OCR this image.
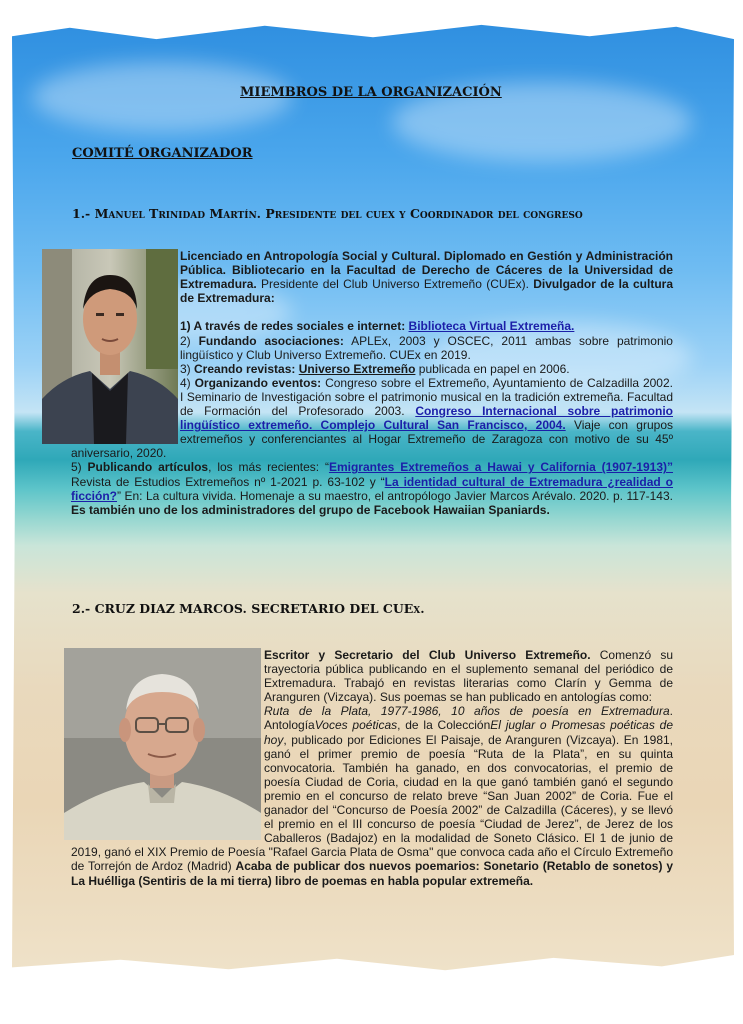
MIEMBROS DE LA ORGANIZACIÓN
COMITÉ ORGANIZADOR
1.- Manuel Trinidad Martín. Presidente del cuex y Coordinador del congreso
Licenciado en Antropología Social y Cultural. Diplomado en Gestión y Administración Pública. Bibliotecario en la Facultad de Derecho de Cáceres de la Universidad de Extremadura. Presidente del Club Universo Extremeño (CUEx). Divulgador de la cultura de Extremadura:

1) A través de redes sociales e internet: Biblioteca Virtual Extremeña.
2) Fundando asociaciones: APLEx, 2003 y OSCEC, 2011 ambas sobre patrimonio lingüístico y Club Universo Extremeño. CUEx en 2019.
3) Creando revistas: Universo Extremeño publicada en papel en 2006.
4) Organizando eventos: Congreso sobre el Extremeño, Ayuntamiento de Calzadilla 2002. I Seminario de Investigación sobre el patrimonio musical en la tradición extremeña. Facultad de Formación del Profesorado 2003. Congreso Internacional sobre patrimonio lingüístico extremeño. Complejo Cultural San Francisco, 2004. Viaje con grupos extremeños y conferenciantes al Hogar Extremeño de Zaragoza con motivo de su 45º aniversario, 2020.
5) Publicando artículos, los más recientes: “Emigrantes Extremeños a Hawai y California (1907-1913)” Revista de Estudios Extremeños nº 1-2021 p. 63-102 y “La identidad cultural de Extremadura ¿realidad o ficción?” En: La cultura vivida. Homenaje a su maestro, el antropólogo Javier Marcos Arévalo. 2020. p. 117-143. Es también uno de los administradores del grupo de Facebook Hawaiian Spaniards.
2.- CRUZ DIAZ MARCOS. SECRETARIO DEL CUEx.
Escritor y Secretario del Club Universo Extremeño. Comenzó su trayectoria pública publicando en el suplemento semanal del periódico de Extremadura. Trabajó en revistas literarias como Clarín y Gemma de Aranguren (Vizcaya). Sus poemas se han publicado en antologías como:
Ruta de la Plata, 1977-1986, 10 años de poesía en Extremadura. AntologíaVoces poéticas, de la ColecciónEl juglar o Promesas poéticas de hoy, publicado por Ediciones El Paisaje, de Aranguren (Vizcaya). En 1981, ganó el primer premio de poesía “Ruta de la Plata”, en su quinta convocatoria. También ha ganado, en dos convocatorias, el premio de poesía Ciudad de Coria, ciudad en la que ganó también ganó el segundo premio en el concurso de relato breve “San Juan 2002” de Coria. Fue el ganador del “Concurso de Poesía 2002” de Calzadilla (Cáceres), y se llevó el premio en el III concurso de poesía “Ciudad de Jerez”, de Jerez de los Caballeros (Badajoz) en la modalidad de Soneto Clásico. El 1 de junio de 2019, ganó el XIX Premio de Poesía "Rafael Garcia Plata de Osma" que convoca cada año el Círculo Extremeño de Torrejón de Ardoz (Madrid) Acaba de publicar dos nuevos poemarios: Sonetario (Retablo de sonetos) y La Huélliga (Sentiris de la mi tierra) libro de poemas en habla popular extremeña.
